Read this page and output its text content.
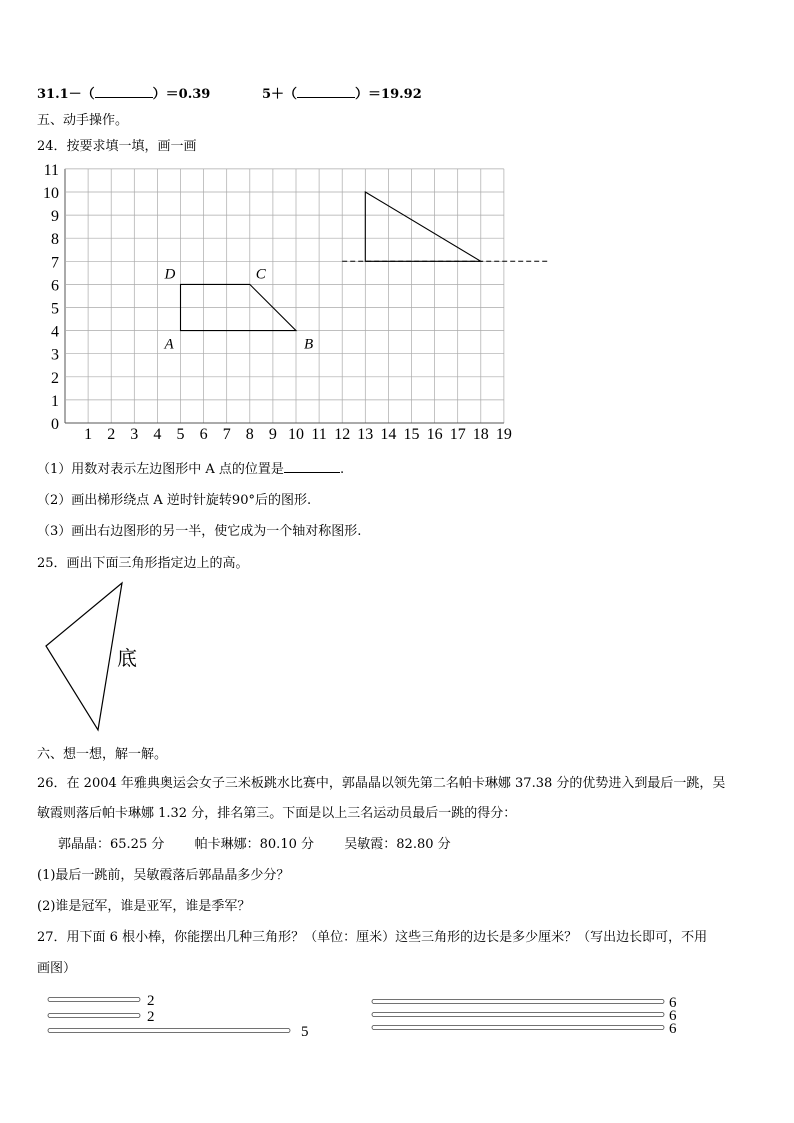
31.1－（	）＝0.39	5＋（	）＝19.92
五、动手操作。
24．按要求填一填，画一画
0
1
2
3
4
5
6
7
8
9
10
11
1 2 3 4 5 6 7 8 9 10 11 12 13 14 15 16 17 18 19
A	B
C
D
（1）用数对表示左边图形中 A 点的位置是	.
（2）画出梯形绕点 A 逆时针旋转90°后的图形.
（3）画出右边图形的另一半，使它成为一个轴对称图形.
25．画出下面三角形指定边上的高。
底
六、想一想，解一解。
26．在 2004 年雅典奥运会女子三米板跳水比赛中，郭晶晶以领先第二名帕卡琳娜 37.38 分的优势进入到最后一跳，吴
敏霞则落后帕卡琳娜 1.32 分，排名第三。下面是以上三名运动员最后一跳的得分：
郭晶晶：65.25 分 帕卡琳娜：80.10 分 吴敏霞：82.80 分
(1)最后一跳前，吴敏霞落后郭晶晶多少分？
(2)谁是冠军，谁是亚军，谁是季军？
27．用下面 6 根小棒，你能摆出几种三角形？（单位：厘米）这些三角形的边长是多少厘米？（写出边长即可，不用
画图）
2
2
5
6
6
6
